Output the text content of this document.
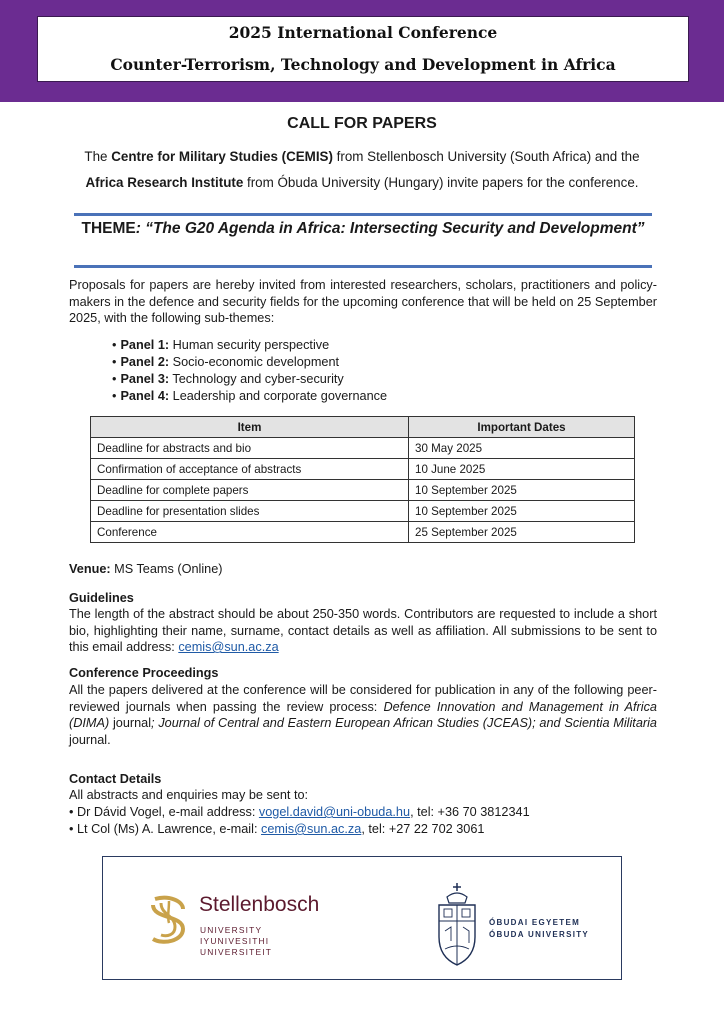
2025 International Conference
Counter-Terrorism, Technology and Development in Africa
CALL FOR PAPERS
The Centre for Military Studies (CEMIS) from Stellenbosch University (South Africa) and the Africa Research Institute from Óbuda University (Hungary) invite papers for the conference.
THEME: “The G20 Agenda in Africa: Intersecting Security and Development”
Proposals for papers are hereby invited from interested researchers, scholars, practitioners and policy-makers in the defence and security fields for the upcoming conference that will be held on 25 September 2025, with the following sub-themes:
• Panel 1: Human security perspective
• Panel 2: Socio-economic development
• Panel 3: Technology and cyber-security
• Panel 4: Leadership and corporate governance
Item	Important Dates
Deadline for abstracts and bio	30 May 2025
Confirmation of acceptance of abstracts	10 June 2025
Deadline for complete papers	10 September 2025
Deadline for presentation slides	10 September 2025
Conference	25 September 2025
Venue: MS Teams (Online)
Guidelines
The length of the abstract should be about 250-350 words. Contributors are requested to include a short bio, highlighting their name, surname, contact details as well as affiliation. All submissions to be sent to this email address: cemis@sun.ac.za
Conference Proceedings
All the papers delivered at the conference will be considered for publication in any of the following peer-reviewed journals when passing the review process: Defence Innovation and Management in Africa (DIMA) journal; Journal of Central and Eastern European African Studies (JCEAS); and Scientia Militaria journal.
Contact Details
All abstracts and enquiries may be sent to:
• Dr Dávid Vogel, e-mail address: vogel.david@uni-obuda.hu, tel: +36 70 3812341
• Lt Col (Ms) A. Lawrence, e-mail: cemis@sun.ac.za, tel: +27 22 702 3061
Stellenbosch
UNIVERSITY
IYUNIVESITHI
UNIVERSITEIT
ÓBUDAI EGYETEM
ÓBUDA UNIVERSITY
